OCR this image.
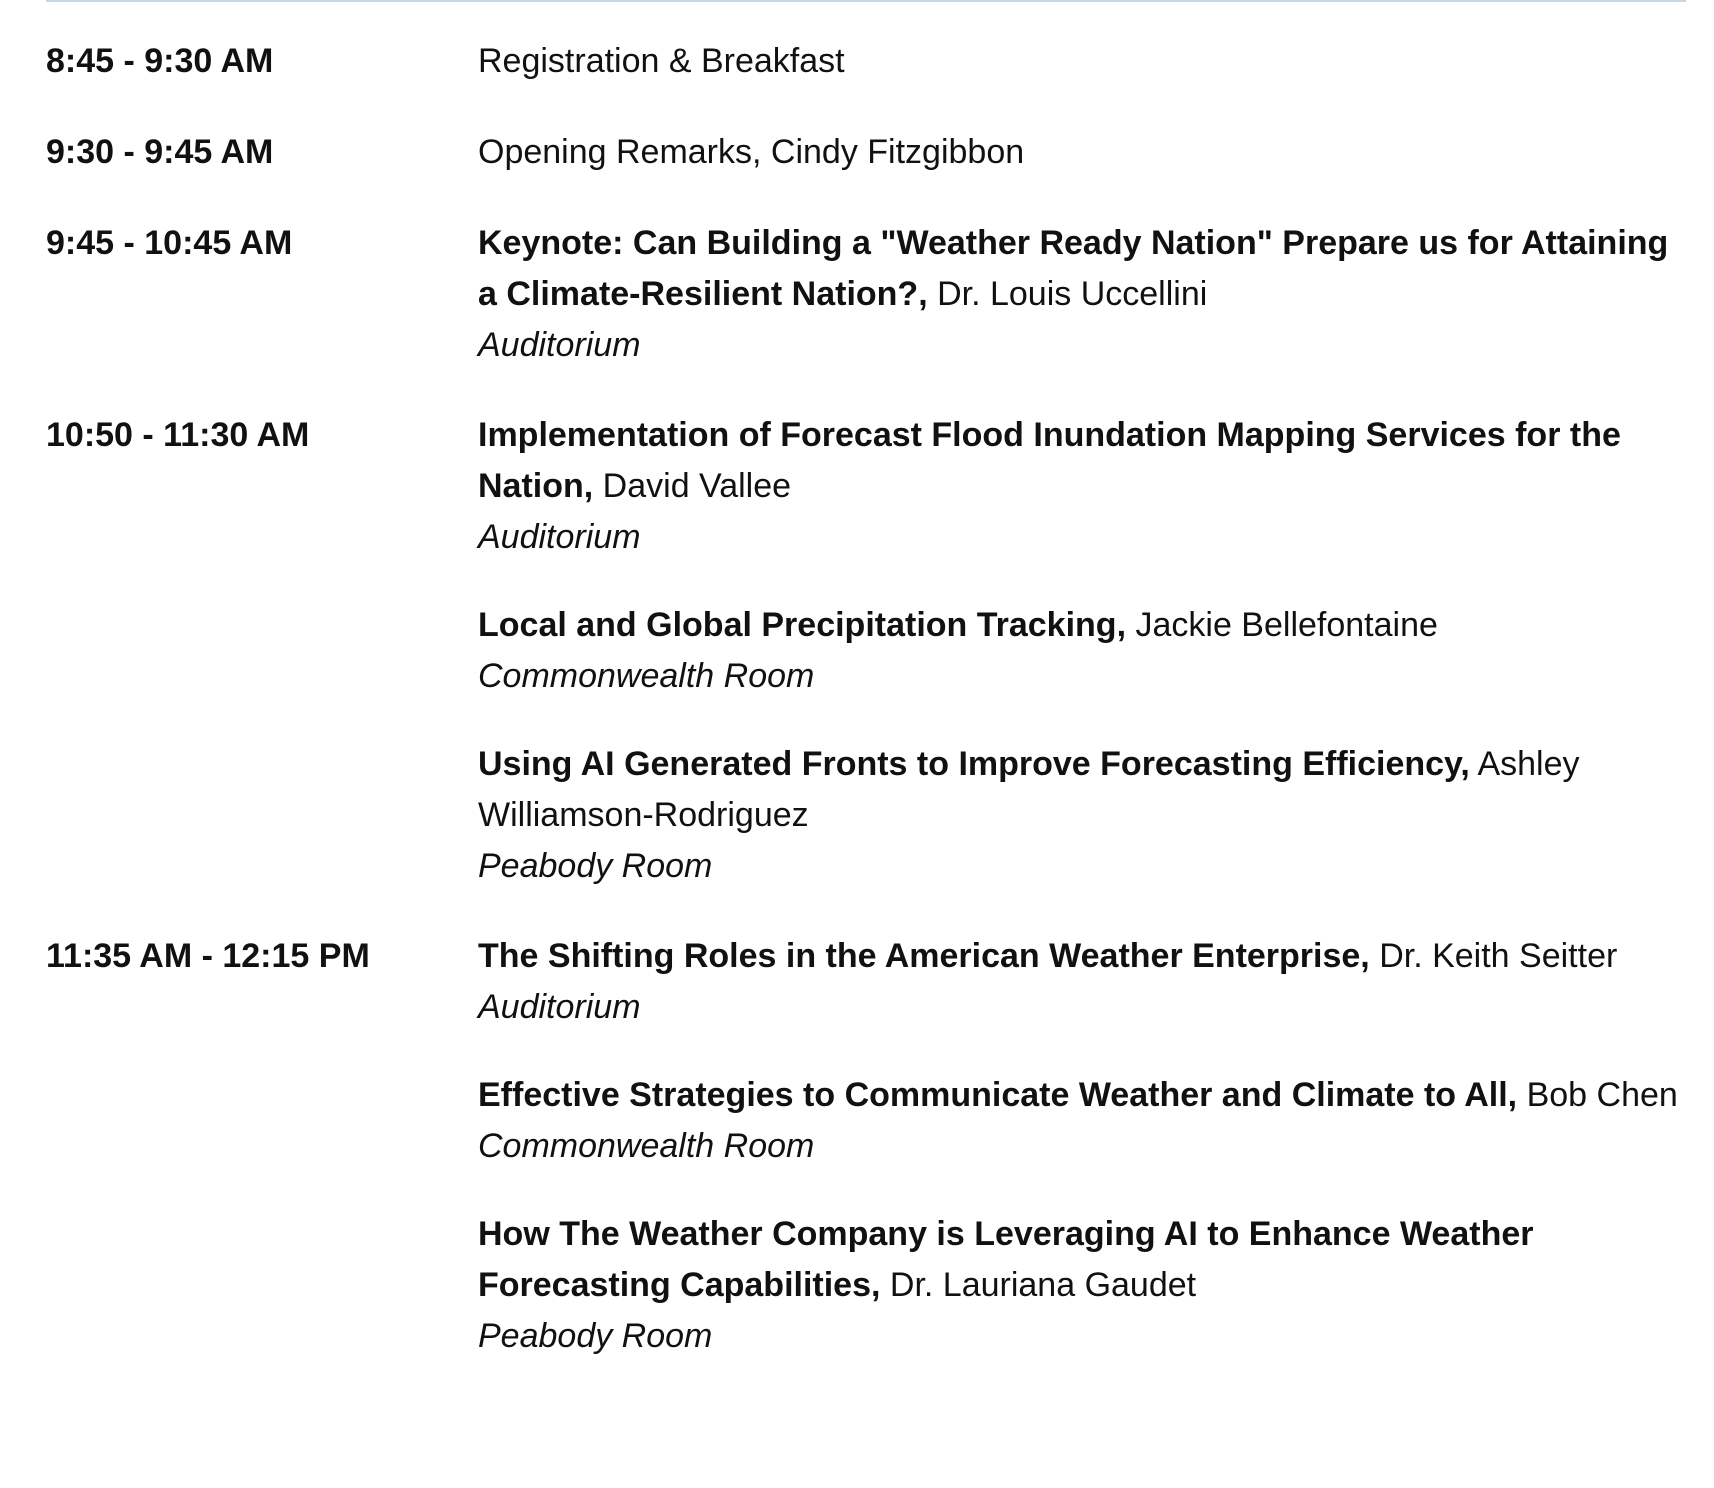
8:45 - 9:30 AM	Registration & Breakfast
9:30 - 9:45 AM	Opening Remarks, Cindy Fitzgibbon
9:45 - 10:45 AM	Keynote: Can Building a "Weather Ready Nation" Prepare us for Attaining a Climate-Resilient Nation?, Dr. Louis Uccellini
Auditorium
10:50 - 11:30 AM	Implementation of Forecast Flood Inundation Mapping Services for the Nation, David Vallee
Auditorium
Local and Global Precipitation Tracking, Jackie Bellefontaine
Commonwealth Room
Using AI Generated Fronts to Improve Forecasting Efficiency, Ashley Williamson-Rodriguez
Peabody Room
11:35 AM - 12:15 PM	The Shifting Roles in the American Weather Enterprise, Dr. Keith Seitter
Auditorium
Effective Strategies to Communicate Weather and Climate to All, Bob Chen
Commonwealth Room
How The Weather Company is Leveraging AI to Enhance Weather Forecasting Capabilities, Dr. Lauriana Gaudet
Peabody Room
